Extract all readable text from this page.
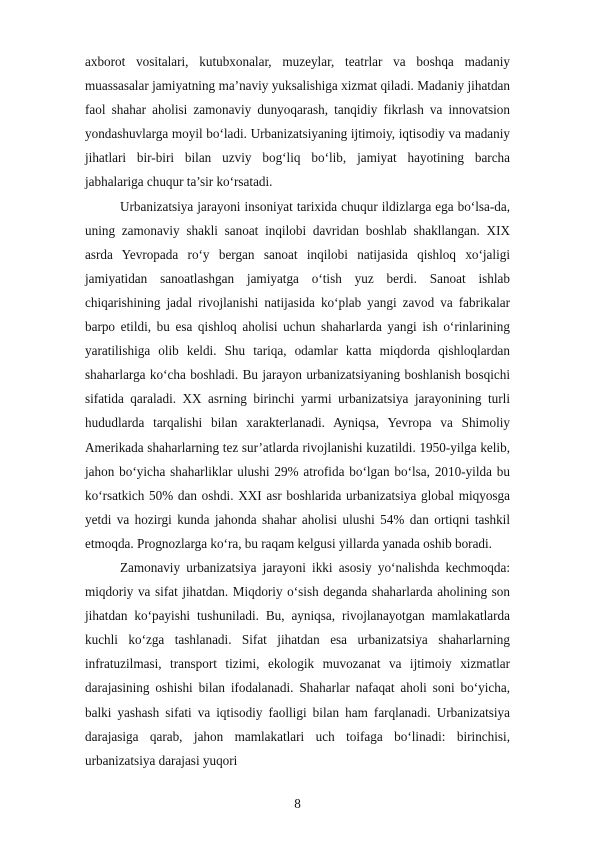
axborot vositalari, kutubxonalar, muzeylar, teatrlar va boshqa madaniy muassasalar jamiyatning ma’naviy yuksalishiga xizmat qiladi. Madaniy jihatdan faol shahar aholisi zamonaviy dunyoqarash, tanqidiy fikrlash va innovatsion yondashuvlarga moyil bo‘ladi. Urbanizatsiyaning ijtimoiy, iqtisodiy va madaniy jihatlari bir-biri bilan uzviy bog‘liq bo‘lib, jamiyat hayotining barcha jabhalariga chuqur ta’sir ko‘rsatadi.

Urbanizatsiya jarayoni insoniyat tarixida chuqur ildizlarga ega bo‘lsa-da, uning zamonaviy shakli sanoat inqilobi davridan boshlab shakllangan. XIX asrda Yevropada ro‘y bergan sanoat inqilobi natijasida qishloq xo‘jaligi jamiyatidan sanoatlashgan jamiyatga o‘tish yuz berdi. Sanoat ishlab chiqarishining jadal rivojlanishi natijasida ko‘plab yangi zavod va fabrikalar barpo etildi, bu esa qishloq aholisi uchun shaharlarda yangi ish o‘rinlarining yaratilishiga olib keldi. Shu tariqa, odamlar katta miqdorda qishloqlardan shaharlarga ko‘cha boshladi. Bu jarayon urbanizatsiyaning boshlanish bosqichi sifatida qaraladi. XX asrning birinchi yarmi urbanizatsiya jarayonining turli hududlarda tarqalishi bilan xarakterlanadi. Ayniqsa, Yevropa va Shimoliy Amerikada shaharlarning tez sur’atlarda rivojlanishi kuzatildi. 1950-yilga kelib, jahon bo‘yicha shaharliklar ulushi 29% atrofida bo‘lgan bo‘lsa, 2010-yilda bu ko‘rsatkich 50% dan oshdi. XXI asr boshlarida urbanizatsiya global miqyosga yetdi va hozirgi kunda jahonda shahar aholisi ulushi 54% dan ortiqni tashkil etmoqda. Prognozlarga ko‘ra, bu raqam kelgusi yillarda yanada oshib boradi.

Zamonaviy urbanizatsiya jarayoni ikki asosiy yo‘nalishda kechmoqda: miqdoriy va sifat jihatdan. Miqdoriy o‘sish deganda shaharlarda aholining son jihatdan ko‘payishi tushuniladi. Bu, ayniqsa, rivojlanayotgan mamlakatlarda kuchli ko‘zga tashlanadi. Sifat jihatdan esa urbanizatsiya shaharlarning infratuzilmasi, transport tizimi, ekologik muvozanat va ijtimoiy xizmatlar darajasining oshishi bilan ifodalanadi. Shaharlar nafaqat aholi soni bo‘yicha, balki yashash sifati va iqtisodiy faolligi bilan ham farqlanadi. Urbanizatsiya darajasiga qarab, jahon mamlakatlari uch toifaga bo‘linadi: birinchisi, urbanizatsiya darajasi yuqori

8
